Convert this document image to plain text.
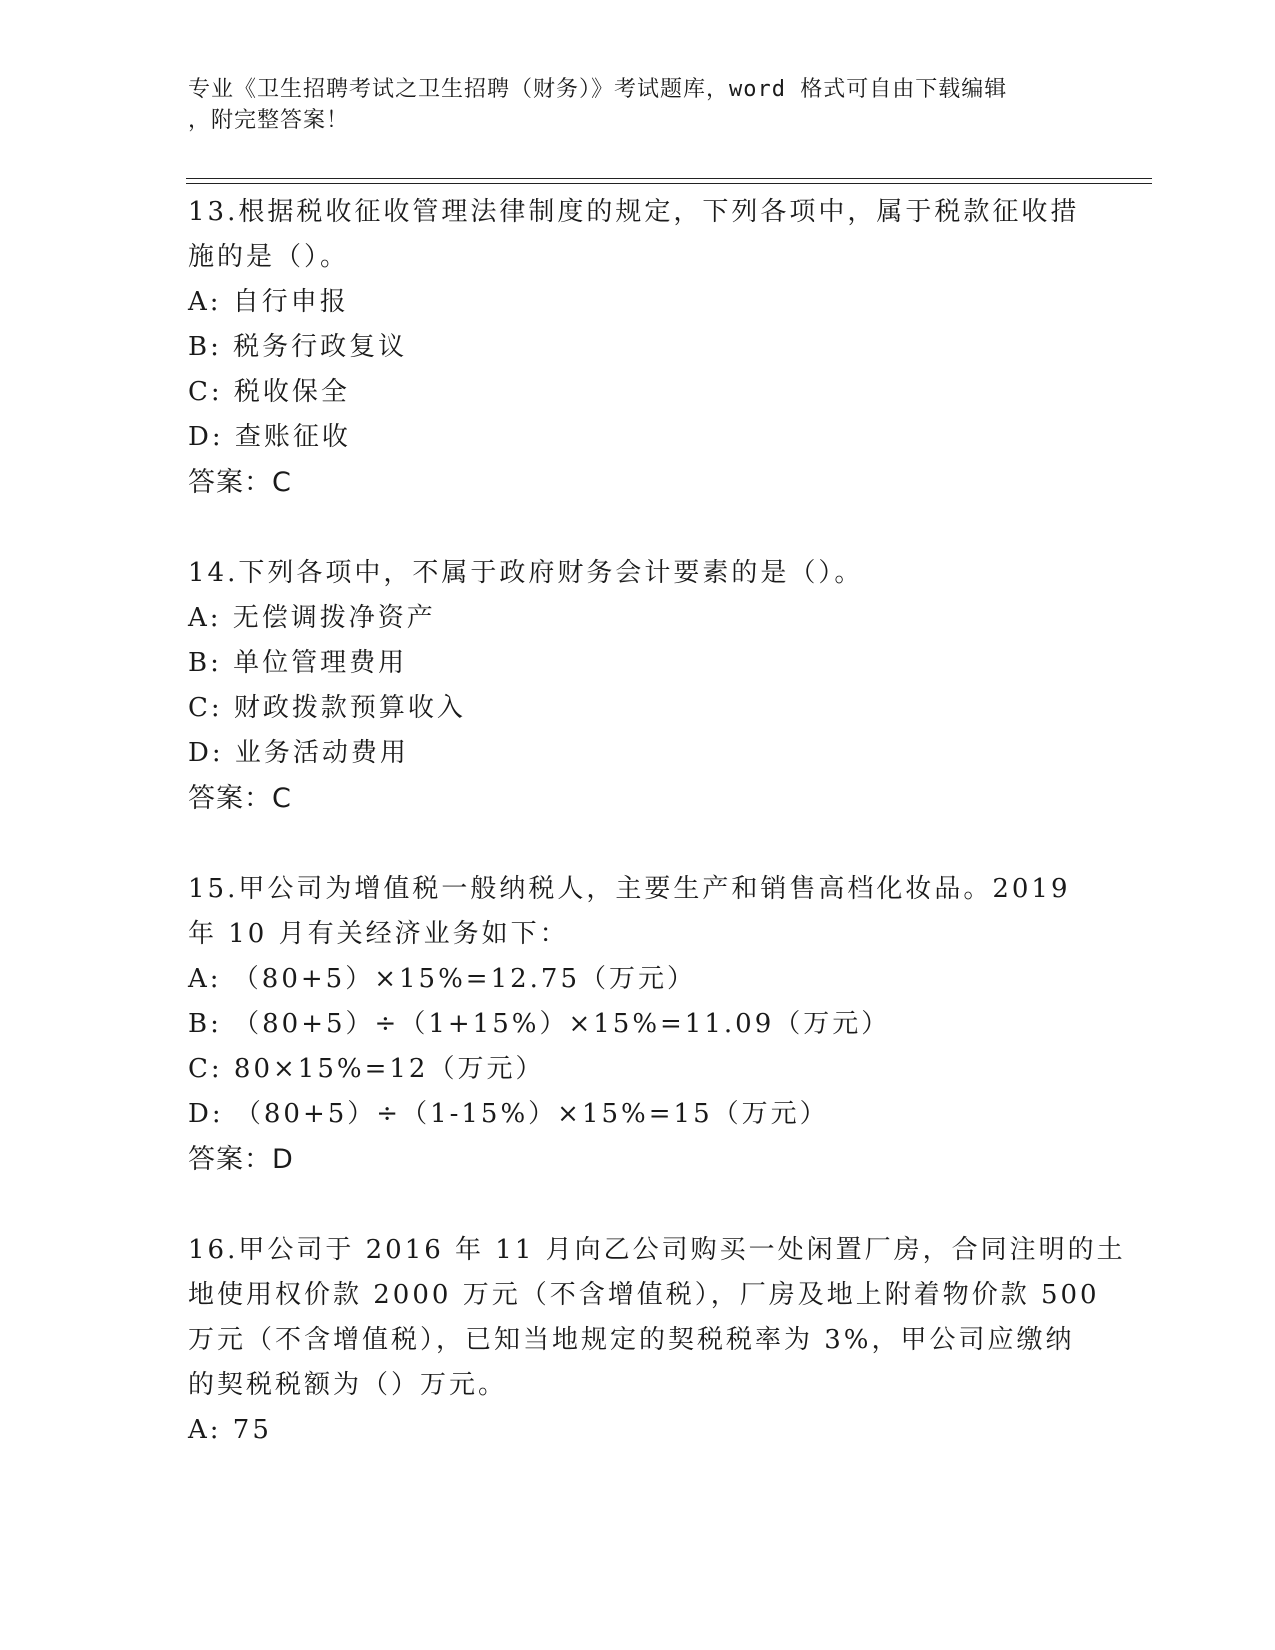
专业《卫生招聘考试之卫生招聘（财务）》考试题库，word 格式可自由下载编辑
，附完整答案！
13.根据税收征收管理法律制度的规定，下列各项中，属于税款征收措
施的是（）。
A: 自行申报
B: 税务行政复议
C: 税收保全
D: 查账征收
答案：C
14.下列各项中，不属于政府财务会计要素的是（）。
A: 无偿调拨净资产
B: 单位管理费用
C: 财政拨款预算收入
D: 业务活动费用
答案：C
15.甲公司为增值税一般纳税人，主要生产和销售高档化妆品。2019
年 10 月有关经济业务如下：
A: （80+5）×15%=12.75（万元）
B: （80+5）÷（1+15%）×15%=11.09（万元）
C: 80×15%=12（万元）
D: （80+5）÷（1-15%）×15%=15（万元）
答案：D
16.甲公司于 2016 年 11 月向乙公司购买一处闲置厂房，合同注明的土
地使用权价款 2000 万元（不含增值税），厂房及地上附着物价款 500
万元（不含增值税），已知当地规定的契税税率为 3%，甲公司应缴纳
的契税税额为（）万元。
A: 75
